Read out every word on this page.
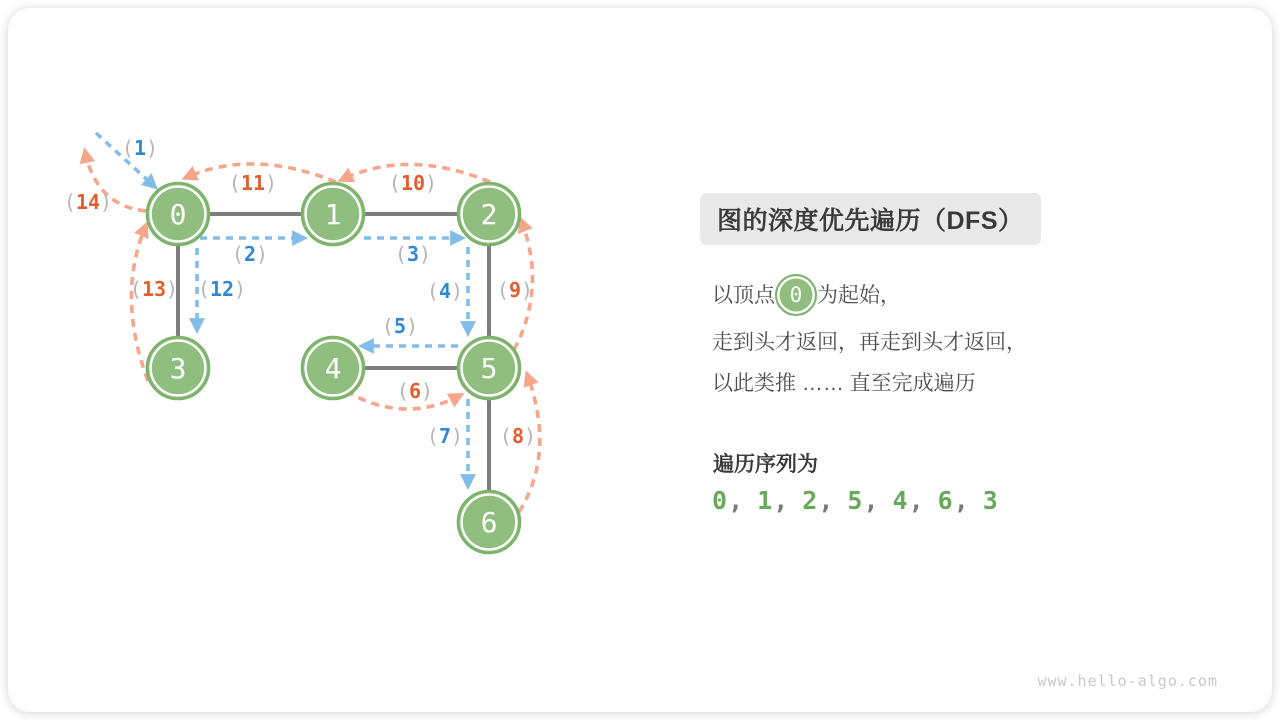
0	1	2
3	4	5
6
(1)
(2)	(3)
(4)
(5)
(6)
(7) (8)
(9)
(10)
(11)
(12)
(13)
(14)
图的深度优先遍历（DFS）
以顶点 0 为起始，
走到头才返回，再走到头才返回，
以此类推 …… 直至完成遍历
遍历序列为
0, 1, 2, 5, 4, 6, 3
www.hello-algo.com
